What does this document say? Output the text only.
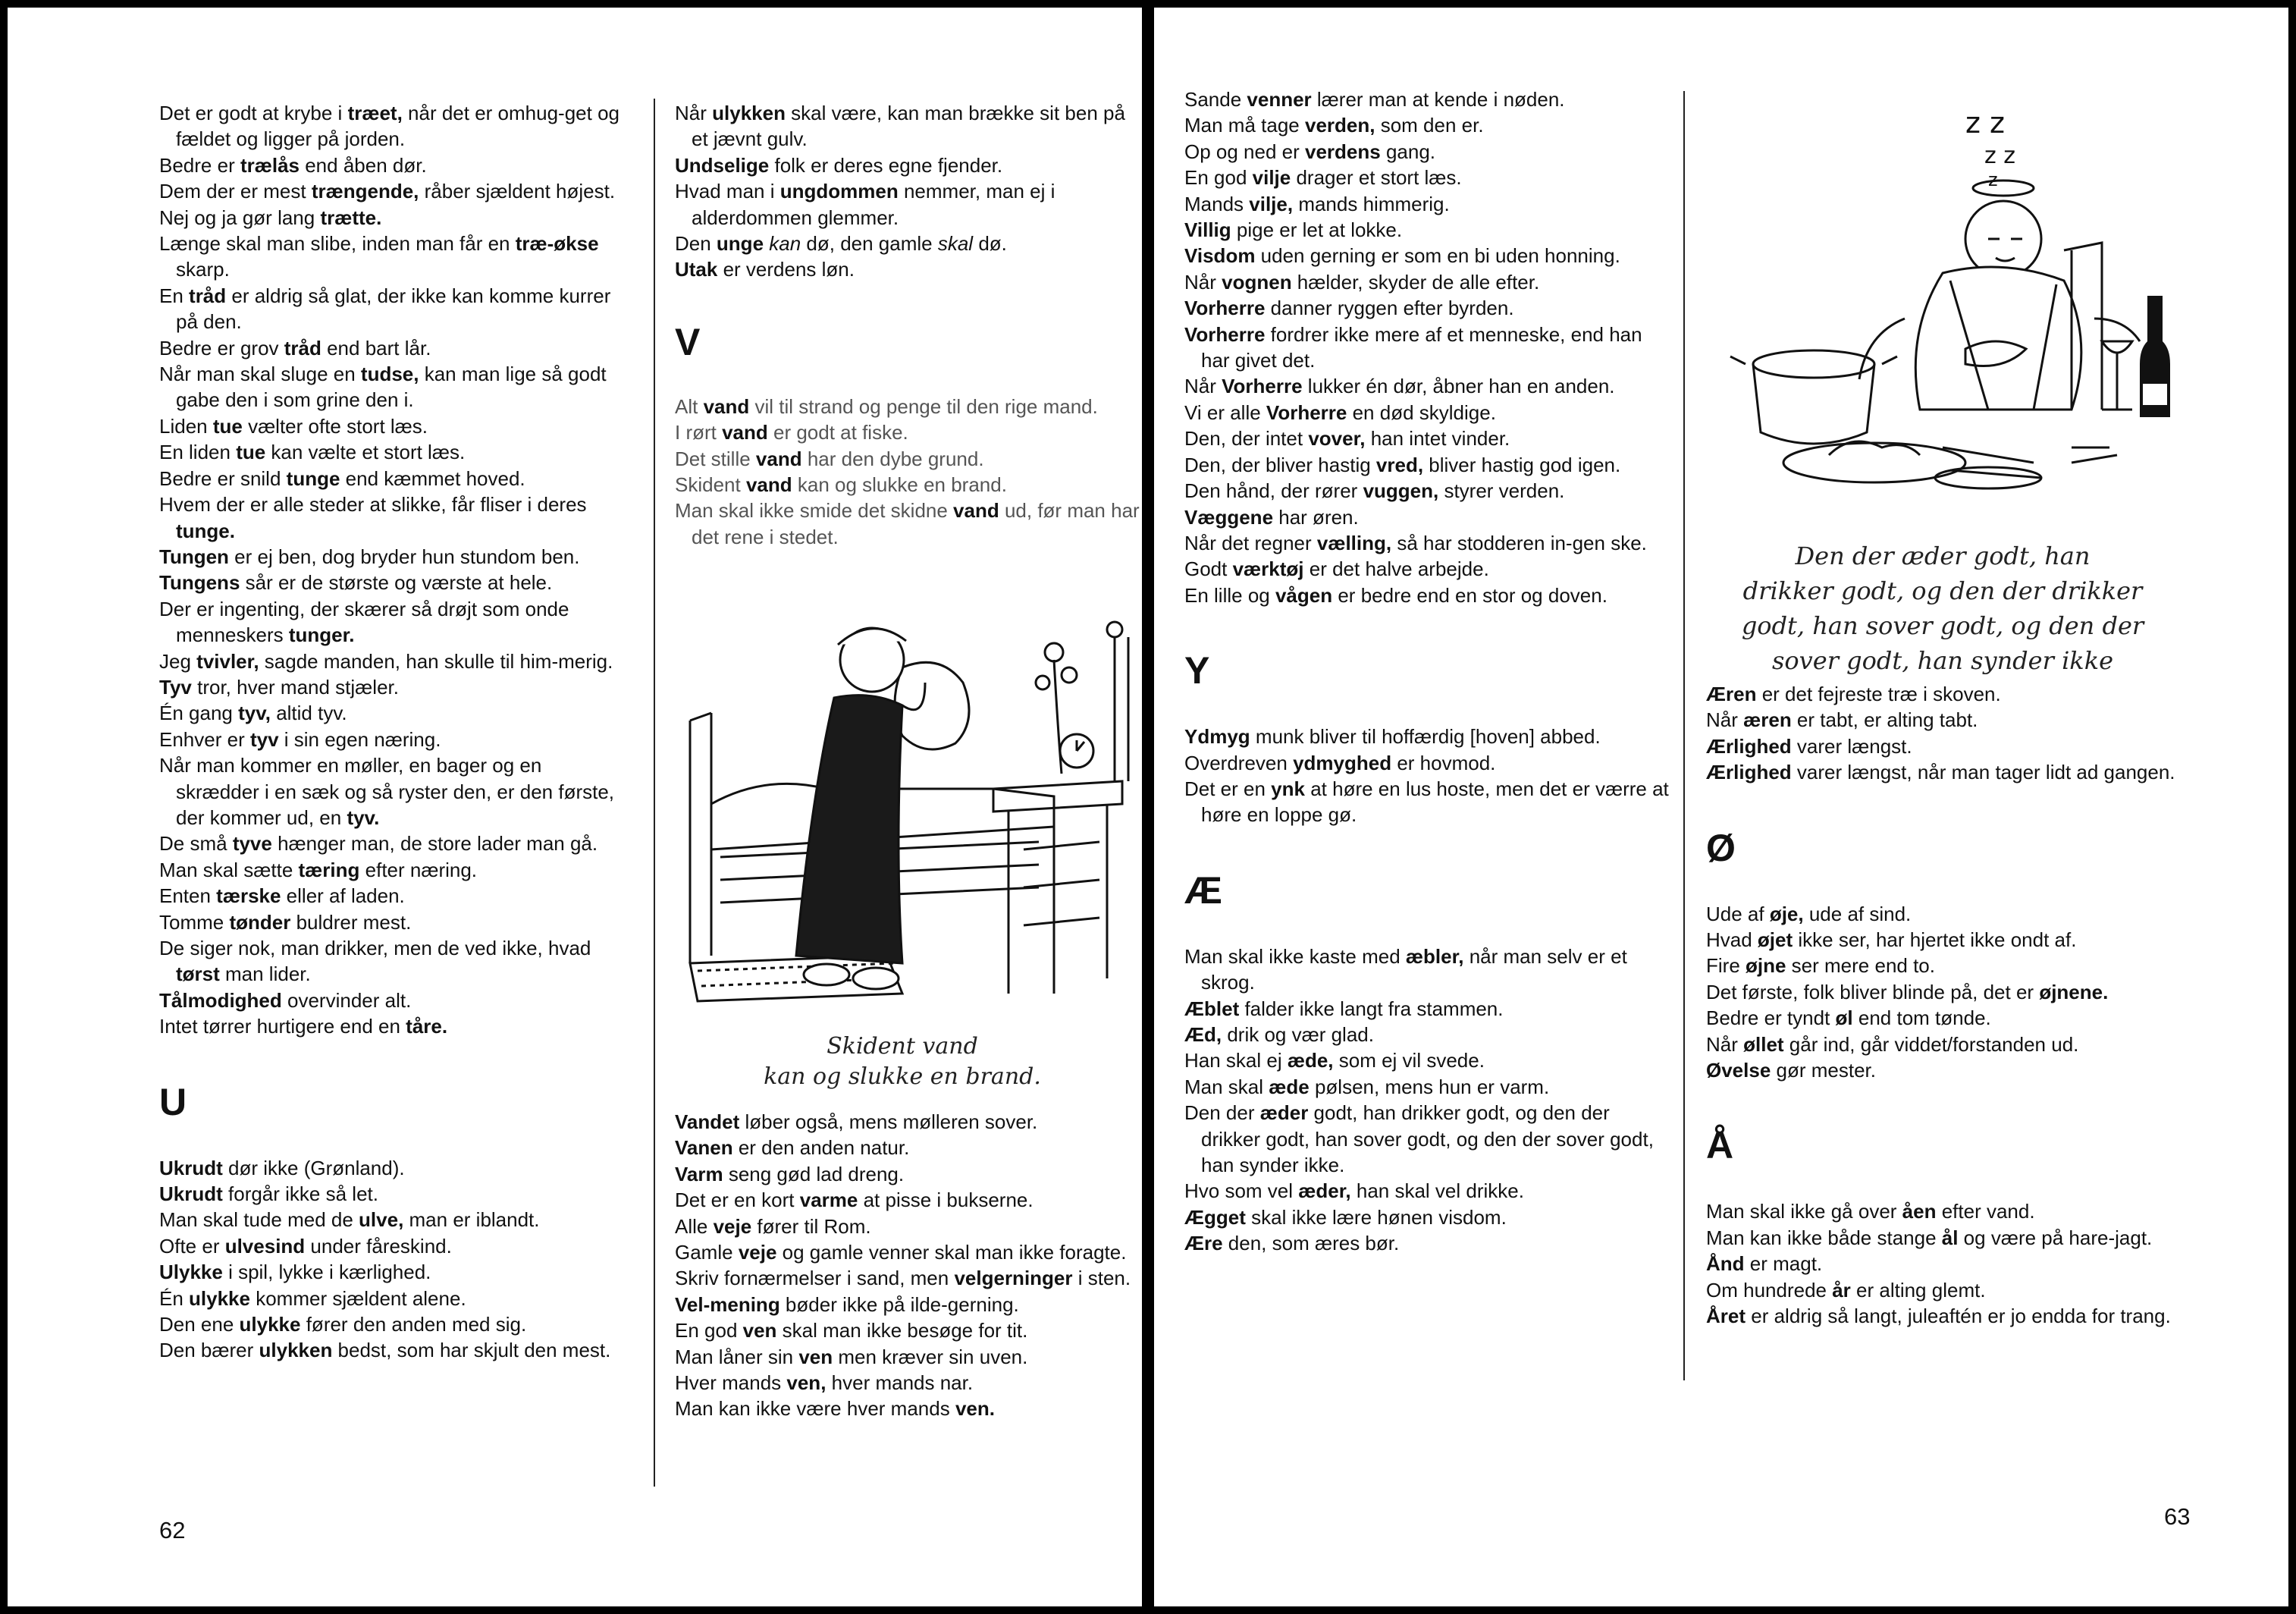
Det er godt at krybe i træet, når det er omhug-get og fældet og ligger på jorden.

Bedre er trælås end åben dør.

Dem der er mest trængende, råber sjældent højest.

Nej og ja gør lang trætte.

Længe skal man slibe, inden man får en træ-økse skarp.

En tråd er aldrig så glat, der ikke kan komme kurrer på den.

Bedre er grov tråd end bart lår.

Når man skal sluge en tudse, kan man lige så godt gabe den i som grine den i.

Liden tue vælter ofte stort læs.

En liden tue kan vælte et stort læs.

Bedre er snild tunge end kæmmet hoved.

Hvem der er alle steder at slikke, får fliser i deres tunge.

Tungen er ej ben, dog bryder hun stundom ben.

Tungens sår er de største og værste at hele.

Der er ingenting, der skærer så drøjt som onde menneskers tunger.

Jeg tvivler, sagde manden, han skulle til him-merig.

Tyv tror, hver mand stjæler.

Én gang tyv, altid tyv.

Enhver er tyv i sin egen næring.

Når man kommer en møller, en bager og en skrædder i en sæk og så ryster den, er den første, der kommer ud, en tyv.

De små tyve hænger man, de store lader man gå.

Man skal sætte tæring efter næring.

Enten tærske eller af laden.

Tomme tønder buldrer mest.

De siger nok, man drikker, men de ved ikke, hvad tørst man lider.

Tålmodighed overvinder alt.

Intet tørrer hurtigere end en tåre.

U

Ukrudt dør ikke (Grønland).

Ukrudt forgår ikke så let.

Man skal tude med de ulve, man er iblandt.

Ofte er ulvesind under fåreskind.

Ulykke i spil, lykke i kærlighed.

Én ulykke kommer sjældent alene.

Den ene ulykke fører den anden med sig.

Den bærer ulykken bedst, som har skjult den mest.

Når ulykken skal være, kan man brække sit ben på et jævnt gulv.

Undselige folk er deres egne fjender.

Hvad man i ungdommen nemmer, man ej i alderdommen glemmer.

Den unge kan dø, den gamle skal dø.

Utak er verdens løn.

V

Alt vand vil til strand og penge til den rige mand.

I rørt vand er godt at fiske.

Det stille vand har den dybe grund.

Skident vand kan og slukke en brand.

Man skal ikke smide det skidne vand ud, før man har det rene i stedet.

Skident vand
kan og slukke en brand.

Vandet løber også, mens mølleren sover.

Vanen er den anden natur.

Varm seng gød lad dreng.

Det er en kort varme at pisse i bukserne.

Alle veje fører til Rom.

Gamle veje og gamle venner skal man ikke foragte.

Skriv fornærmelser i sand, men velgerninger i sten.

Vel-mening bøder ikke på ilde-gerning.

En god ven skal man ikke besøge for tit.

Man låner sin ven men kræver sin uven.

Hver mands ven, hver mands nar.

Man kan ikke være hver mands ven.

62

Sande venner lærer man at kende i nøden.

Man må tage verden, som den er.

Op og ned er verdens gang.

En god vilje drager et stort læs.

Mands vilje, mands himmerig.

Villig pige er let at lokke.

Visdom uden gerning er som en bi uden honning.

Når vognen hælder, skyder de alle efter.

Vorherre danner ryggen efter byrden.

Vorherre fordrer ikke mere af et menneske, end han har givet det.

Når Vorherre lukker én dør, åbner han en anden.

Vi er alle Vorherre en død skyldige.

Den, der intet vover, han intet vinder.

Den, der bliver hastig vred, bliver hastig god igen.

Den hånd, der rører vuggen, styrer verden.

Væggene har øren.

Når det regner vælling, så har stodderen in-gen ske.

Godt værktøj er det halve arbejde.

En lille og vågen er bedre end en stor og doven.

Y

Ydmyg munk bliver til hoffærdig [hoven] abbed.

Overdreven ydmyghed er hovmod.

Det er en ynk at høre en lus hoste, men det er værre at høre en loppe gø.

Æ

Man skal ikke kaste med æbler, når man selv er et skrog.

Æblet falder ikke langt fra stammen.

Æd, drik og vær glad.

Han skal ej æde, som ej vil svede.

Man skal æde pølsen, mens hun er varm.

Den der æder godt, han drikker godt, og den der drikker godt, han sover godt, og den der sover godt, han synder ikke.

Hvo som vel æder, han skal vel drikke.

Ægget skal ikke lære hønen visdom.

Ære den, som æres bør.

z z
z z
z
Den der æder godt, han
drikker godt, og den der drikker
godt, han sover godt, og den der
sover godt, han synder ikke

Æren er det fejreste træ i skoven.

Når æren er tabt, er alting tabt.

Ærlighed varer længst.

Ærlighed varer længst, når man tager lidt ad gangen.

Ø

Ude af øje, ude af sind.

Hvad øjet ikke ser, har hjertet ikke ondt af.

Fire øjne ser mere end to.

Det første, folk bliver blinde på, det er øjnene.

Bedre er tyndt øl end tom tønde.

Når øllet går ind, går viddet/forstanden ud.

Øvelse gør mester.

Å

Man skal ikke gå over åen efter vand.

Man kan ikke både stange ål og være på hare-jagt.

Ånd er magt.

Om hundrede år er alting glemt.

Året er aldrig så langt, juleaftén er jo endda for trang.

63
